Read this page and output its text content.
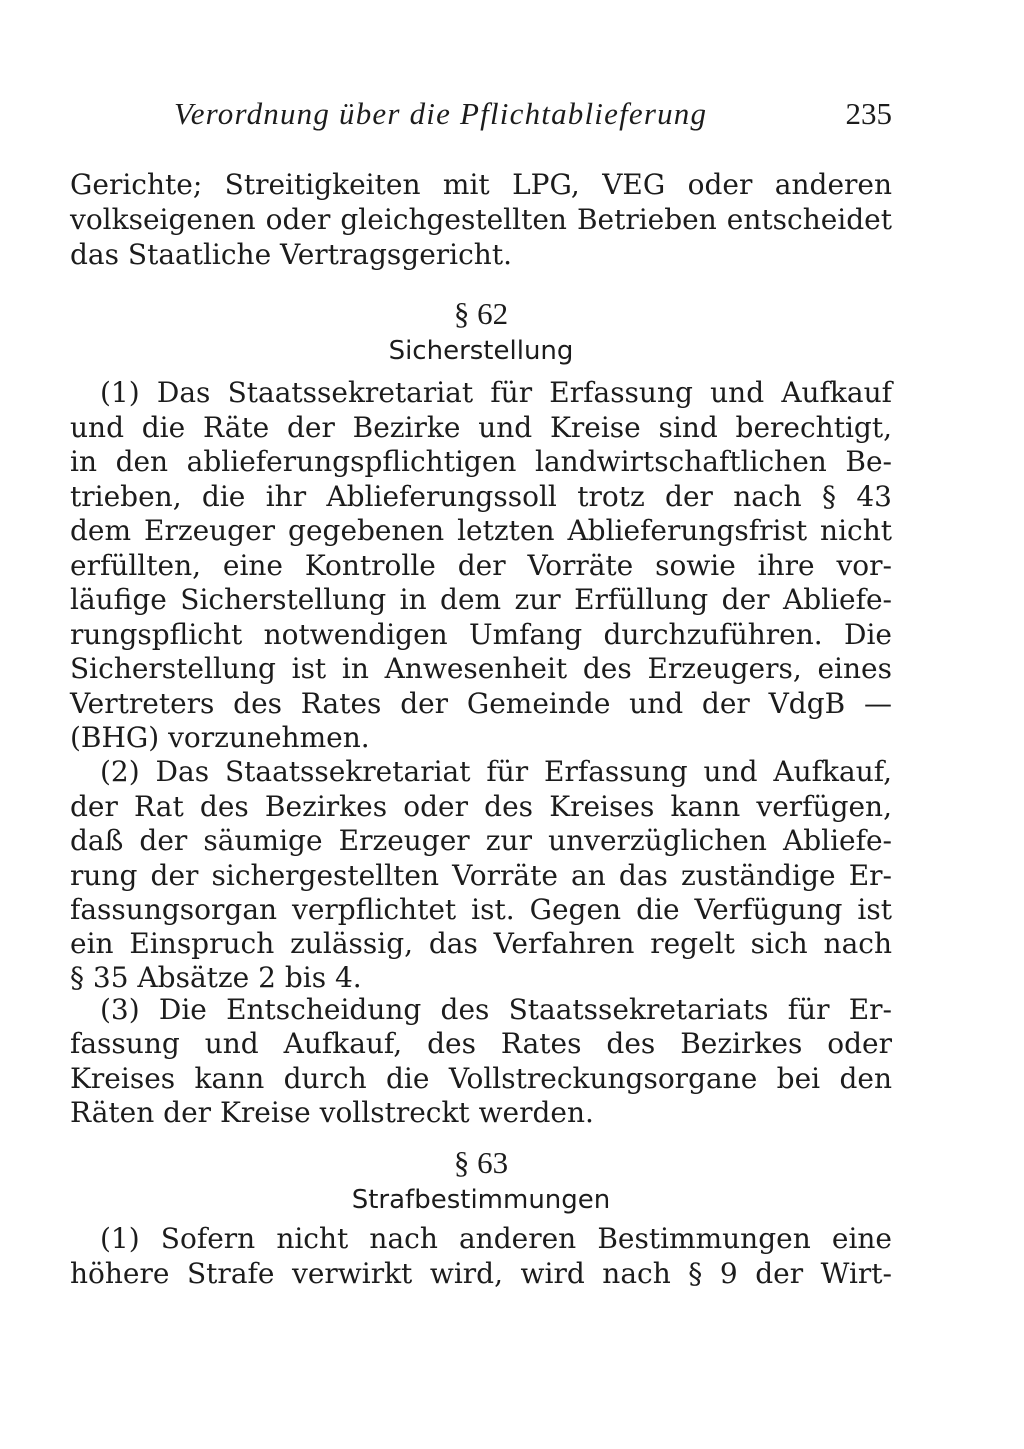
Verordnung über die Pflichtablieferung	235
Gerichte; Streitigkeiten mit LPG, VEG oder anderen
volkseigenen oder gleichgestellten Betrieben entscheidet
das Staatliche Vertragsgericht.
§ 62
Sicherstellung
(1) Das Staatssekretariat für Erfassung und Aufkauf
und die Räte der Bezirke und Kreise sind berechtigt,
in den ablieferungspflichtigen landwirtschaftlichen Be-
trieben, die ihr Ablieferungssoll trotz der nach § 43
dem Erzeuger gegebenen letzten Ablieferungsfrist nicht
erfüllten, eine Kontrolle der Vorräte sowie ihre vor-
läufige Sicherstellung in dem zur Erfüllung der Abliefe-
rungspflicht notwendigen Umfang durchzuführen. Die
Sicherstellung ist in Anwesenheit des Erzeugers, eines
Vertreters des Rates der Gemeinde und der VdgB —
(BHG) vorzunehmen.
(2) Das Staatssekretariat für Erfassung und Aufkauf,
der Rat des Bezirkes oder des Kreises kann verfügen,
daß der säumige Erzeuger zur unverzüglichen Abliefe-
rung der sichergestellten Vorräte an das zuständige Er-
fassungsorgan verpflichtet ist. Gegen die Verfügung ist
ein Einspruch zulässig, das Verfahren regelt sich nach
§ 35 Absätze 2 bis 4.
(3) Die Entscheidung des Staatssekretariats für Er-
fassung und Aufkauf, des Rates des Bezirkes oder
Kreises kann durch die Vollstreckungsorgane bei den
Räten der Kreise vollstreckt werden.
§ 63
Strafbestimmungen
(1) Sofern nicht nach anderen Bestimmungen eine
höhere Strafe verwirkt wird, wird nach § 9 der Wirt-
